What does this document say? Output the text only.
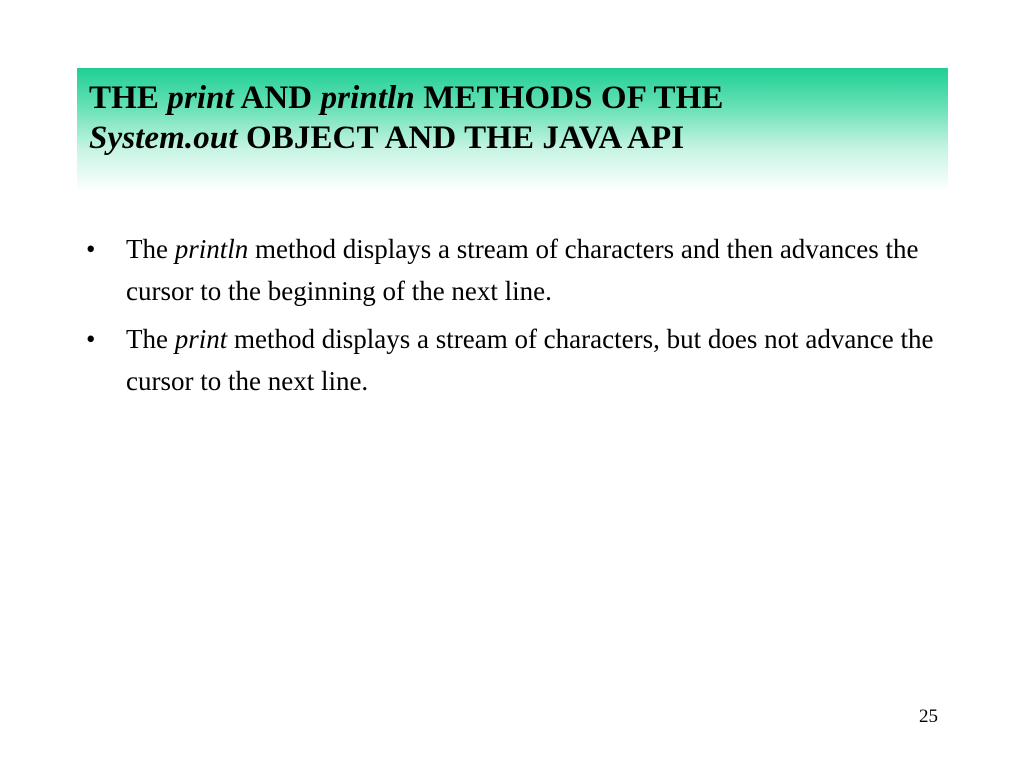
THE print AND println METHODS OF THE
System.out OBJECT AND THE JAVA API
•	The println method displays a stream of characters and then advances the cursor to the beginning of the next line.
•	The print method displays a stream of characters, but does not advance the cursor to the next line.
25
